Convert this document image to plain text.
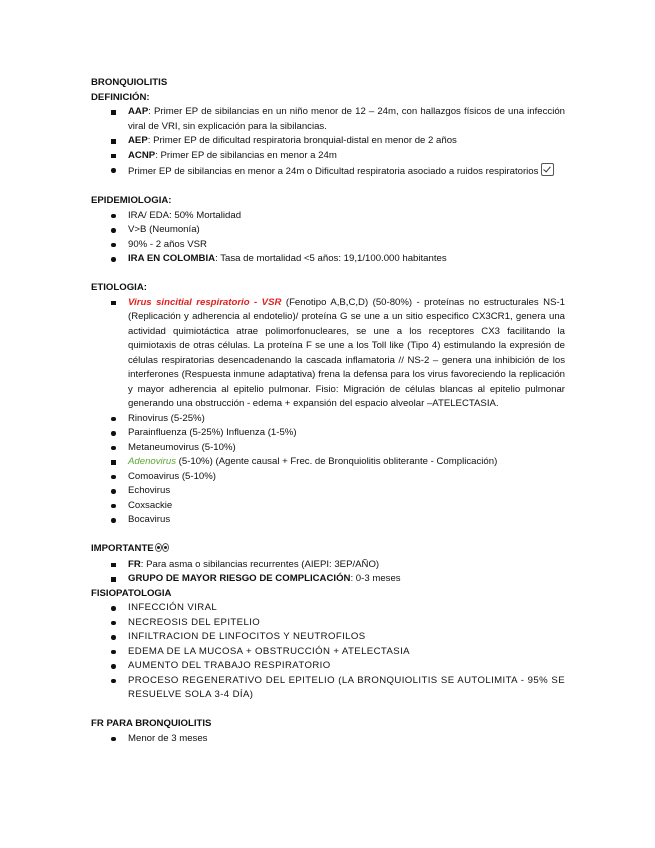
BRONQUIOLITIS

DEFINICIÓN:

AAP: Primer EP de sibilancias en un niño menor de 12 – 24m, con hallazgos físicos de una infección viral de VRI, sin explicación para la sibilancias.
AEP: Primer EP de dificultad respiratoria bronquial-distal en menor de 2 años
ACNP: Primer EP de sibilancias en menor a 24m
Primer EP de sibilancias en menor a 24m o Dificultad respiratoria asociado a ruidos respiratorios

EPIDEMIOLOGIA:

IRA/ EDA: 50% Mortalidad
V>B (Neumonía)
90% - 2 años VSR
IRA EN COLOMBIA: Tasa de mortalidad <5 años: 19,1/100.000 habitantes

ETIOLOGIA:

Virus sincitial respiratorio - VSR (Fenotipo A,B,C,D) (50-80%) - proteínas no estructurales NS-1 (Replicación y adherencia al endotelio)/ proteína G se une a un sitio especifico CX3CR1, genera una actividad quimiotáctica atrae polimorfonucleares, se une a los receptores CX3 facilitando la quimiotaxis de otras células. La proteína F se une a los Toll like (Tipo 4) estimulando la expresión de células respiratorias desencadenando la cascada inflamatoria // NS-2 – genera una inhibición de los interferones (Respuesta inmune adaptativa) frena la defensa para los virus favoreciendo la replicación y mayor adherencia al epitelio pulmonar. Fisio: Migración de células blancas al epitelio pulmonar generando una obstrucción - edema + expansión del espacio alveolar –ATELECTASIA.
Rinovirus (5-25%)
Parainfluenza (5-25%) Influenza (1-5%)
Metaneumovirus (5-10%)
Adenovirus (5-10%) (Agente causal + Frec. de Bronquiolitis obliterante - Complicación)
Comoavirus (5-10%)
Echovirus
Coxsackie
Bocavirus

IMPORTANTE

FR: Para asma o sibilancias recurrentes (AIEPI: 3EP/AÑO)
GRUPO DE MAYOR RIESGO DE COMPLICACIÓN: 0-3 meses

FISIOPATOLOGIA

INFECCIÓN VIRAL
NECREOSIS DEL EPITELIO
INFILTRACION DE LINFOCITOS Y NEUTROFILOS
EDEMA DE LA MUCOSA + OBSTRUCCIÓN + ATELECTASIA
AUMENTO DEL TRABAJO RESPIRATORIO
PROCESO REGENERATIVO DEL EPITELIO (LA BRONQUIOLITIS SE AUTOLIMITA - 95% SE RESUELVE SOLA 3-4 DÍA)

FR PARA BRONQUIOLITIS

Menor de 3 meses
